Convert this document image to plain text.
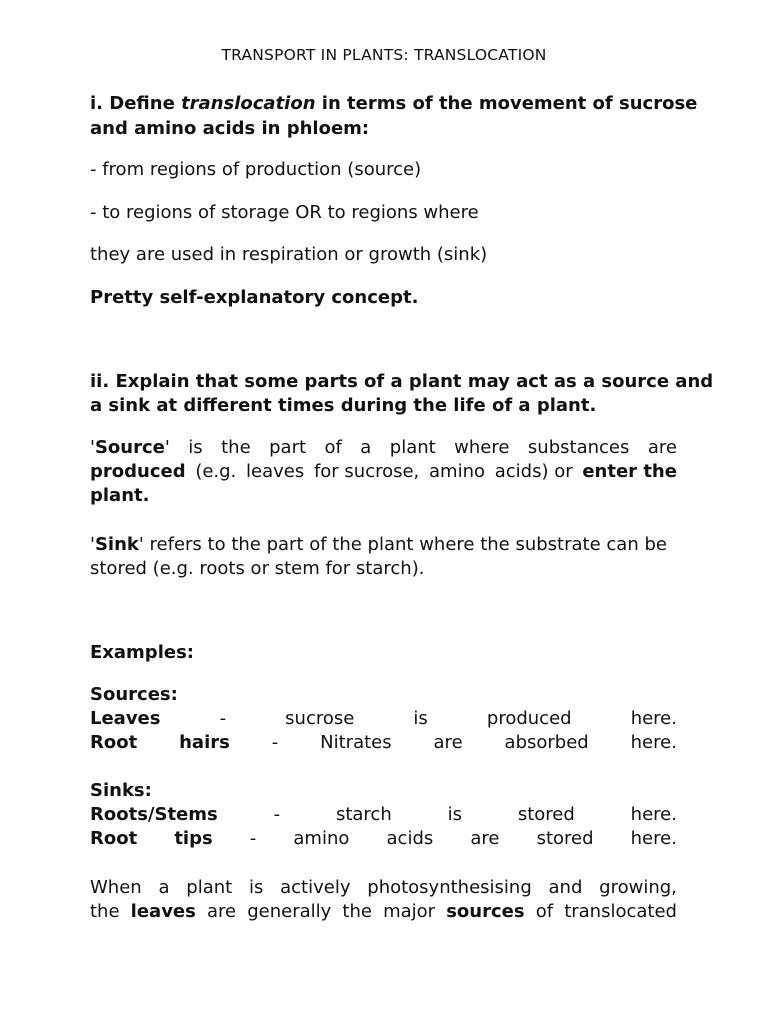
TRANSPORT IN PLANTS: TRANSLOCATION
i. Define translocation in terms of the movement of sucrose
and amino acids in phloem:
- from regions of production (source)
- to regions of storage OR to regions where
they are used in respiration or growth (sink)
Pretty self-explanatory concept.
ii. Explain that some parts of a plant may act as a source and
a sink at different times during the life of a plant.
'Source' is the part of a plant where substances are
produced (e.g. leaves for sucrose, amino acids) or enter the
plant.
'Sink' refers to the part of the plant where the substrate can be
stored (e.g. roots or stem for starch).
Examples:
Sources:
Leaves	-	sucrose	is	produced	here.
Root hairs - Nitrates are absorbed here.
Sinks:
Roots/Stems	-	starch	is	stored	here.
Root tips - amino acids are stored here.
When a plant is actively photosynthesising and growing,
the leaves are generally the major sources of translocated
